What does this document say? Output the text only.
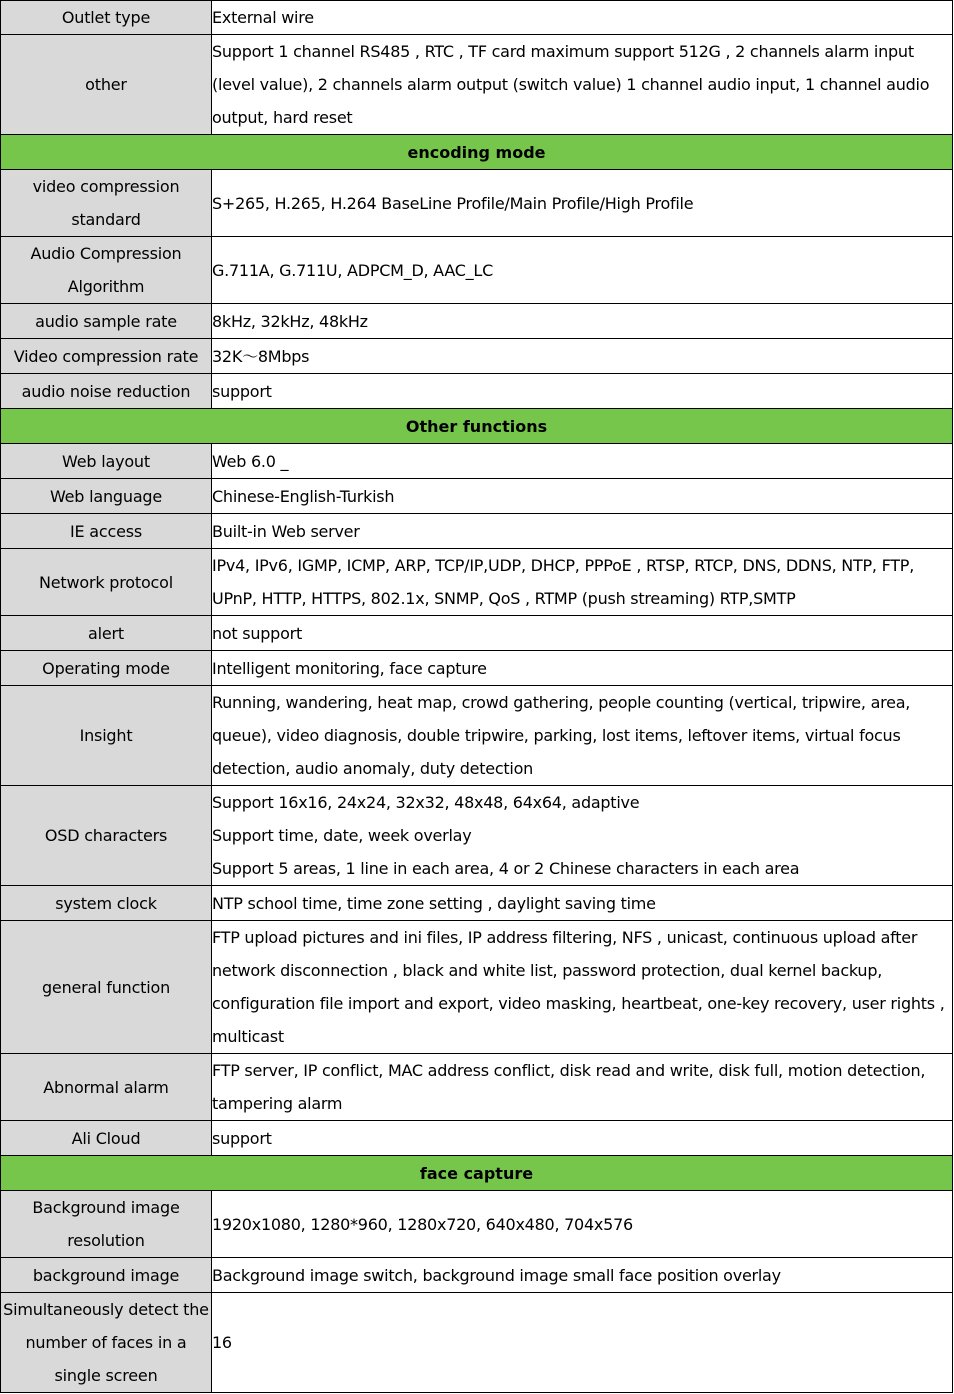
Outlet type	External wire
other	Support 1 channel RS485 , RTC , TF card maximum support 512G , 2 channels alarm input (level value), 2 channels alarm output (switch value) 1 channel audio input, 1 channel audio output, hard reset
encoding mode	
video compression standard	S+265, H.265, H.264 BaseLine Profile/Main Profile/High Profile
Audio Compression Algorithm	G.711A, G.711U, ADPCM_D, AAC_LC
audio sample rate	8kHz, 32kHz, 48kHz
Video compression rate	32K～8Mbps
audio noise reduction	support
Other functions	
Web layout	Web 6.0 _
Web language	Chinese-English-Turkish
IE access	Built-in Web server
Network protocol	IPv4, IPv6, IGMP, ICMP, ARP, TCP/IP,UDP, DHCP, PPPoE , RTSP, RTCP, DNS, DDNS, NTP, FTP, UPnP, HTTP, HTTPS, 802.1x, SNMP, QoS , RTMP (push streaming) RTP,SMTP
alert	not support
Operating mode	Intelligent monitoring, face capture
Insight	Running, wandering, heat map, crowd gathering, people counting (vertical, tripwire, area, queue), video diagnosis, double tripwire, parking, lost items, leftover items, virtual focus detection, audio anomaly, duty detection
OSD characters	Support 16x16, 24x24, 32x32, 48x48, 64x64, adaptive
Support time, date, week overlay
Support 5 areas, 1 line in each area, 4 or 2 Chinese characters in each area

system clock	NTP school time, time zone setting , daylight saving time
general function	FTP upload pictures and ini files, IP address filtering, NFS , unicast, continuous upload after network disconnection , black and white list, password protection, dual kernel backup, configuration file import and export, video masking, heartbeat, one-key recovery, user rights , multicast
Abnormal alarm	FTP server, IP conflict, MAC address conflict, disk read and write, disk full, motion detection, tampering alarm
Ali Cloud	support
face capture	
Background image resolution	1920x1080, 1280*960, 1280x720, 640x480, 704x576
background image	Background image switch, background image small face position overlay
Simultaneously detect the number of faces in a single screen	16
